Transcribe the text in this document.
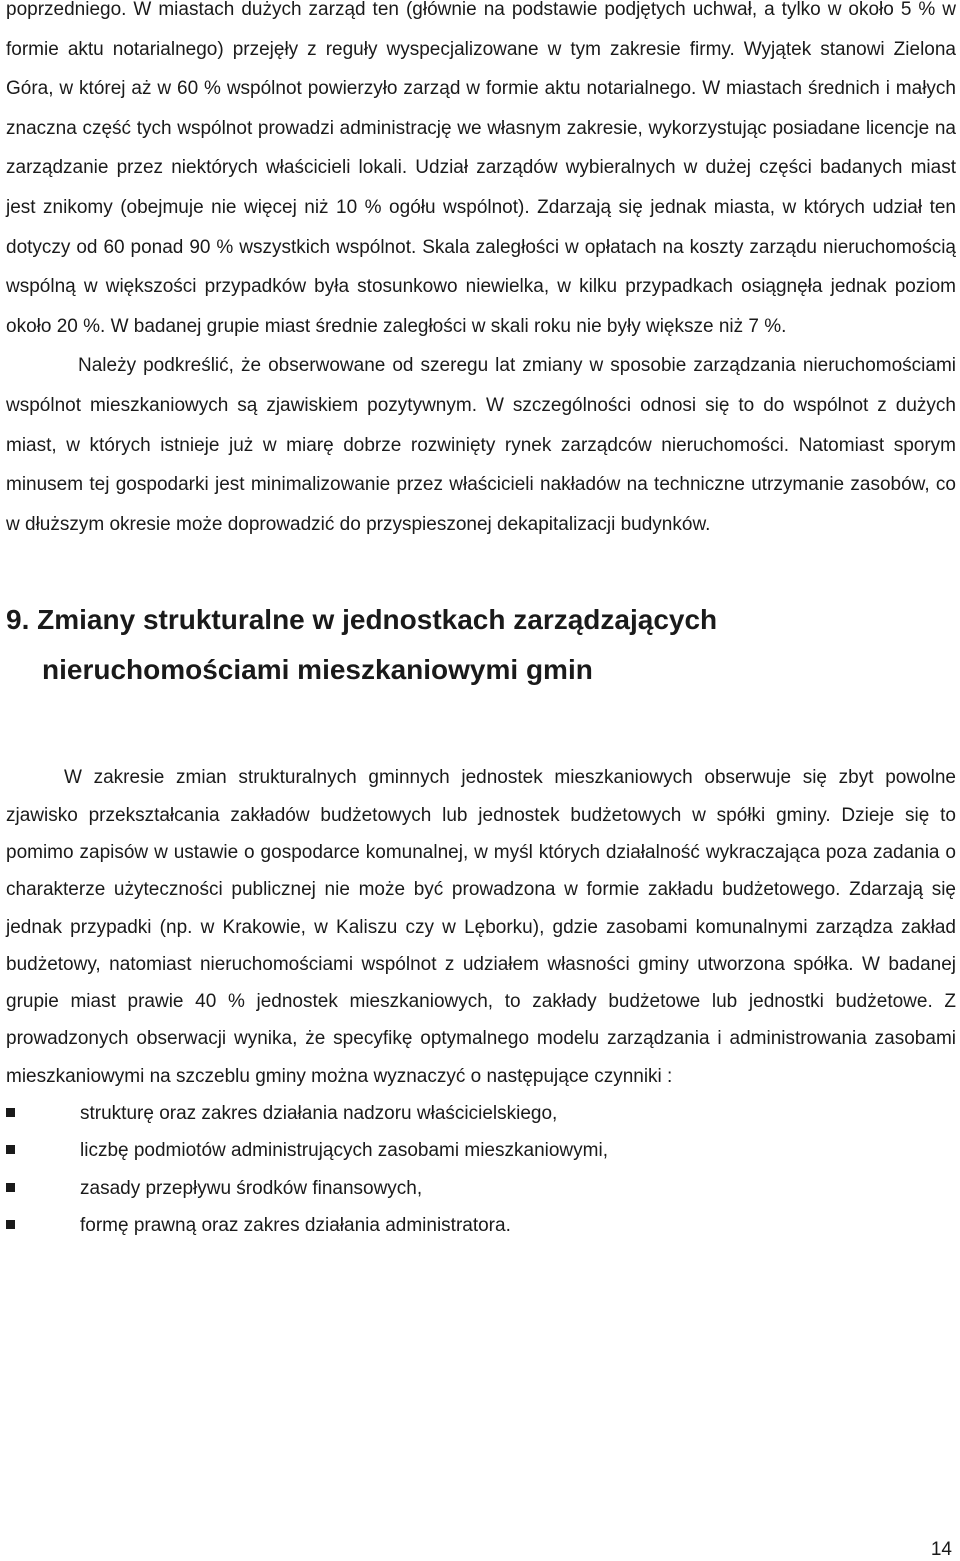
poprzedniego. W miastach dużych zarząd ten (głównie na podstawie podjętych uchwał, a tylko w około 5 % w formie aktu notarialnego) przejęły z reguły wyspecjalizowane w tym zakresie firmy. Wyjątek stanowi Zielona Góra, w której aż w 60 % wspólnot powierzyło zarząd w formie aktu notarialnego. W miastach średnich i małych znaczna część tych wspólnot prowadzi administrację we własnym zakresie, wykorzystując posiadane licencje na zarządzanie przez niektórych właścicieli lokali. Udział zarządów wybieralnych w dużej części badanych miast jest znikomy (obejmuje nie więcej niż 10 % ogółu wspólnot). Zdarzają się jednak miasta, w których udział ten dotyczy od 60 ponad 90 % wszystkich wspólnot. Skala zaległości w opłatach na koszty zarządu nieruchomością wspólną w większości przypadków była stosunkowo niewielka, w kilku przypadkach osiągnęła jednak poziom około 20 %. W badanej grupie miast średnie zaległości w skali roku nie były większe niż 7 %.

Należy podkreślić, że obserwowane od szeregu lat zmiany w sposobie zarządzania nieruchomościami wspólnot mieszkaniowych są zjawiskiem pozytywnym. W szczególności odnosi się to do wspólnot z dużych miast, w których istnieje już w miarę dobrze rozwinięty rynek zarządców nieruchomości. Natomiast sporym minusem tej gospodarki jest minimalizowanie przez właścicieli nakładów na techniczne utrzymanie zasobów, co w dłuższym okresie może doprowadzić do przyspieszonej dekapitalizacji budynków.

9. Zmiany strukturalne w jednostkach zarządzających nieruchomościami mieszkaniowymi gmin

W zakresie zmian strukturalnych gminnych jednostek mieszkaniowych obserwuje się zbyt powolne zjawisko przekształcania zakładów budżetowych lub jednostek budżetowych w spółki gminy. Dzieje się to pomimo zapisów w ustawie o gospodarce komunalnej, w myśl których działalność wykraczająca poza zadania o charakterze użyteczności publicznej nie może być prowadzona w formie zakładu budżetowego. Zdarzają się jednak przypadki (np. w Krakowie, w Kaliszu czy w Lęborku), gdzie zasobami komunalnymi zarządza zakład budżetowy, natomiast nieruchomościami wspólnot z udziałem własności gminy utworzona spółka. W badanej grupie miast prawie 40 % jednostek mieszkaniowych, to zakłady budżetowe lub jednostki budżetowe. Z prowadzonych obserwacji wynika, że specyfikę optymalnego modelu zarządzania i administrowania zasobami mieszkaniowymi na szczeblu gminy można wyznaczyć o następujące czynniki :

strukturę oraz zakres działania nadzoru właścicielskiego,
liczbę podmiotów administrujących zasobami mieszkaniowymi,
zasady przepływu środków finansowych,
formę prawną oraz zakres działania administratora.
14
